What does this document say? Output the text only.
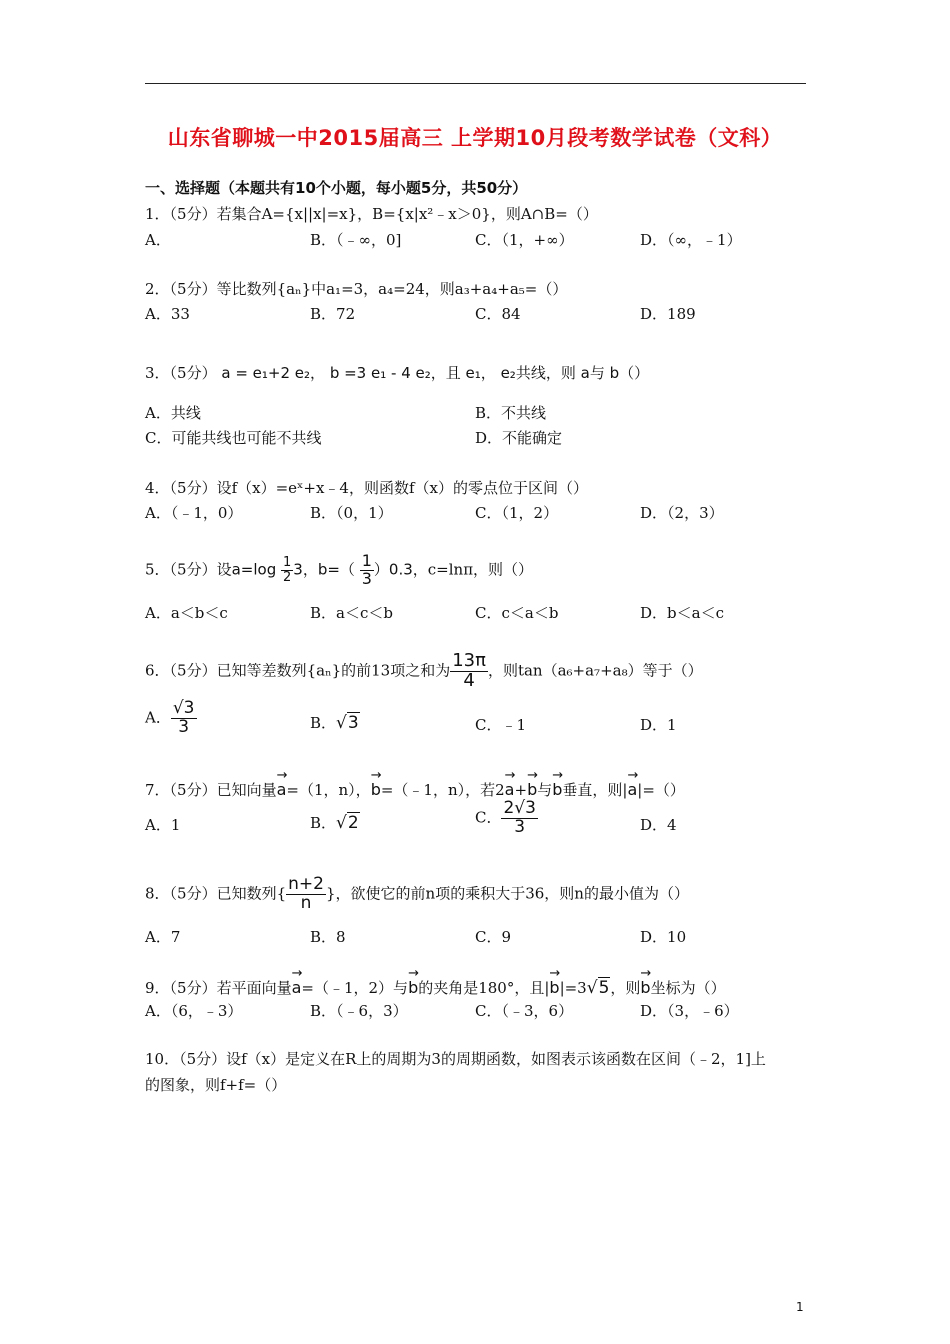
山东省聊城一中2015届高三 上学期10月段考数学试卷（文科）
一、选择题（本题共有10个小题，每小题5分，共50分）
1．（5分）若集合A={x||x|=x}，B={x|x²﹣x＞0}，则A∩B=（）
A．	B．（﹣∞，0]	C．（1，+∞）	D．（∞，﹣1）
2．（5分）等比数列{aₙ}中a₁=3，a₄=24，则a₃+a₄+a₅=（）
A．33	B．72	C．84	D．189
3．（5分） a = e₁+2 e₂， b =3 e₁ - 4 e₂，且 e₁， e₂共线，则 a与 b（）
A．共线	B．不共线
C．可能共线也可能不共线	D．不能确定
4．（5分）设f（x）=eˣ+x﹣4，则函数f（x）的零点位于区间（）
A．（﹣1，0）	B．（0，1）	C．（1，2）	D．（2，3）
5．（5分）设$a=\log \frac{1}{2} 3$，$b=( \frac{1}{3} )0.3$，c=lnπ，则（）
A．a＜b＜c	B．a＜c＜b	C．c＜a＜b	D．b＜a＜c
6．（5分）已知等差数列{aₙ}的前13项之和为 $\frac{13\pi}{4}$ ，则tan（a₆+a₇+a₈）等于（）
A． $\frac{√3}{3}$	B．√3	C．﹣1	D．1
7．（5分）已知向量→ a=（1，n），→ b=（﹣1，n），若2→ a+→ b与→ b垂直，则|→ a|=（）
A．1	B．√2	C． $\frac{2√3}{3}$	D．4
8．（5分）已知数列{ $\frac{n+2}{n}$ }，欲使它的前n项的乘积大于36，则n的最小值为（）
A．7	B．8	C．9	D．10
9．（5分）若平面向量→ a=（﹣1，2）与→ b的夹角是180°，且|→ b|=3√5，则→ b坐标为（）
A．（6，﹣3）	B．（﹣6，3）	C．（﹣3，6）	D．（3，﹣6）
10．（5分）设f（x）是定义在R上的周期为3的周期函数，如图表示该函数在区间（﹣2，1]上
的图象，则f+f=（）
1
